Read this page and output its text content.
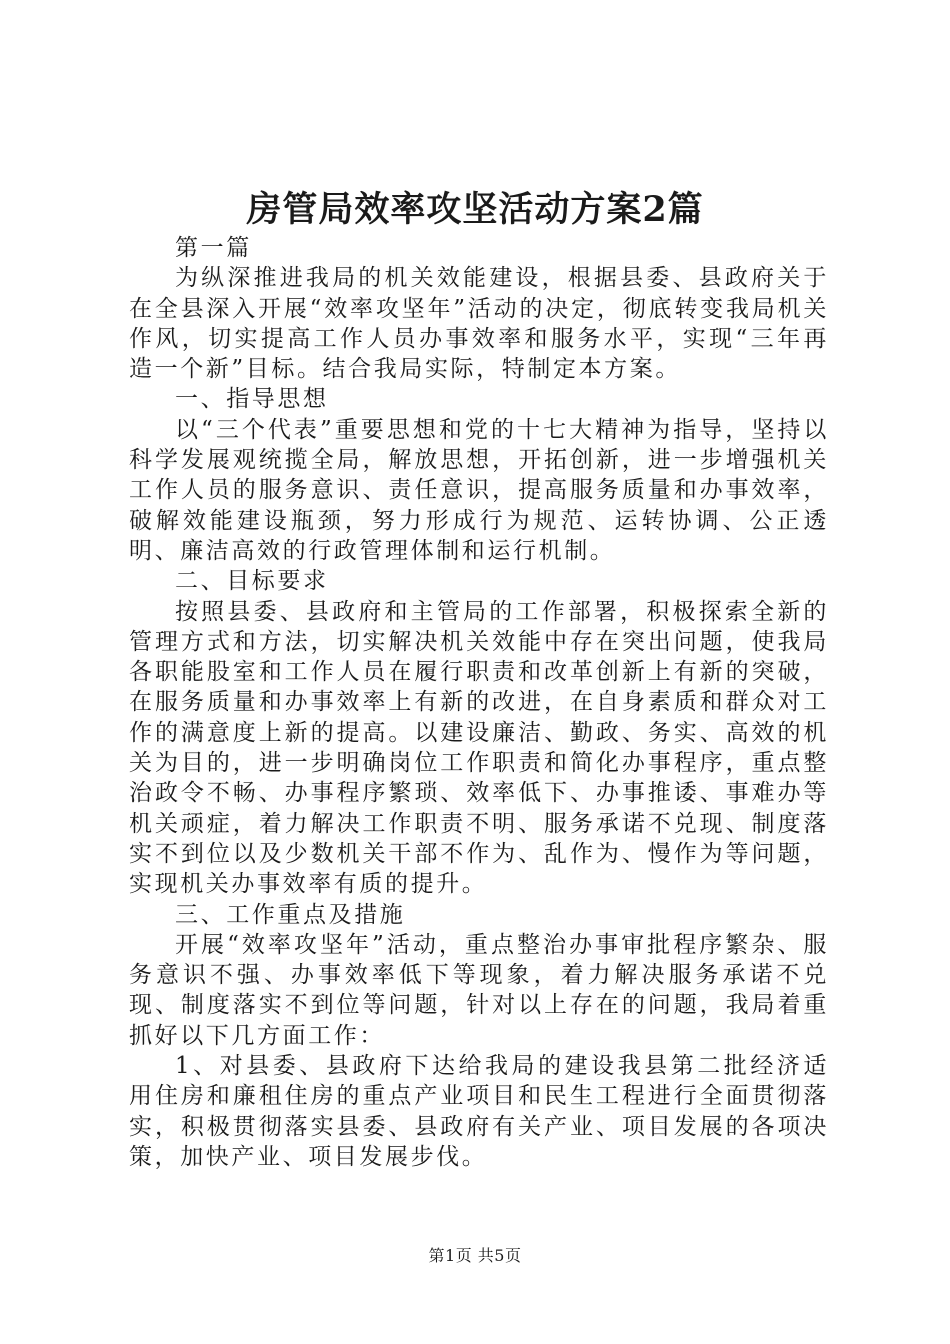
房管局效率攻坚活动方案2篇

第一篇

为纵深推进我局的机关效能建设，根据县委、县政府关于在全县深入开展“效率攻坚年”活动的决定，彻底转变我局机关作风，切实提高工作人员办事效率和服务水平，实现“三年再造一个新”目标。结合我局实际，特制定本方案。

一、指导思想

以“三个代表”重要思想和党的十七大精神为指导，坚持以科学发展观统揽全局，解放思想，开拓创新，进一步增强机关工作人员的服务意识、责任意识，提高服务质量和办事效率，破解效能建设瓶颈，努力形成行为规范、运转协调、公正透明、廉洁高效的行政管理体制和运行机制。

二、目标要求

按照县委、县政府和主管局的工作部署，积极探索全新的管理方式和方法，切实解决机关效能中存在突出问题，使我局各职能股室和工作人员在履行职责和改革创新上有新的突破，在服务质量和办事效率上有新的改进，在自身素质和群众对工作的满意度上新的提高。以建设廉洁、勤政、务实、高效的机关为目的，进一步明确岗位工作职责和简化办事程序，重点整治政令不畅、办事程序繁琐、效率低下、办事推诿、事难办等机关顽症，着力解决工作职责不明、服务承诺不兑现、制度落实不到位以及少数机关干部不作为、乱作为、慢作为等问题，实现机关办事效率有质的提升。

三、工作重点及措施

开展“效率攻坚年”活动，重点整治办事审批程序繁杂、服务意识不强、办事效率低下等现象，着力解决服务承诺不兑现、制度落实不到位等问题，针对以上存在的问题，我局着重抓好以下几方面工作：

1、对县委、县政府下达给我局的建设我县第二批经济适用住房和廉租住房的重点产业项目和民生工程进行全面贯彻落实，积极贯彻落实县委、县政府有关产业、项目发展的各项决策，加快产业、项目发展步伐。

第1页 共5页
